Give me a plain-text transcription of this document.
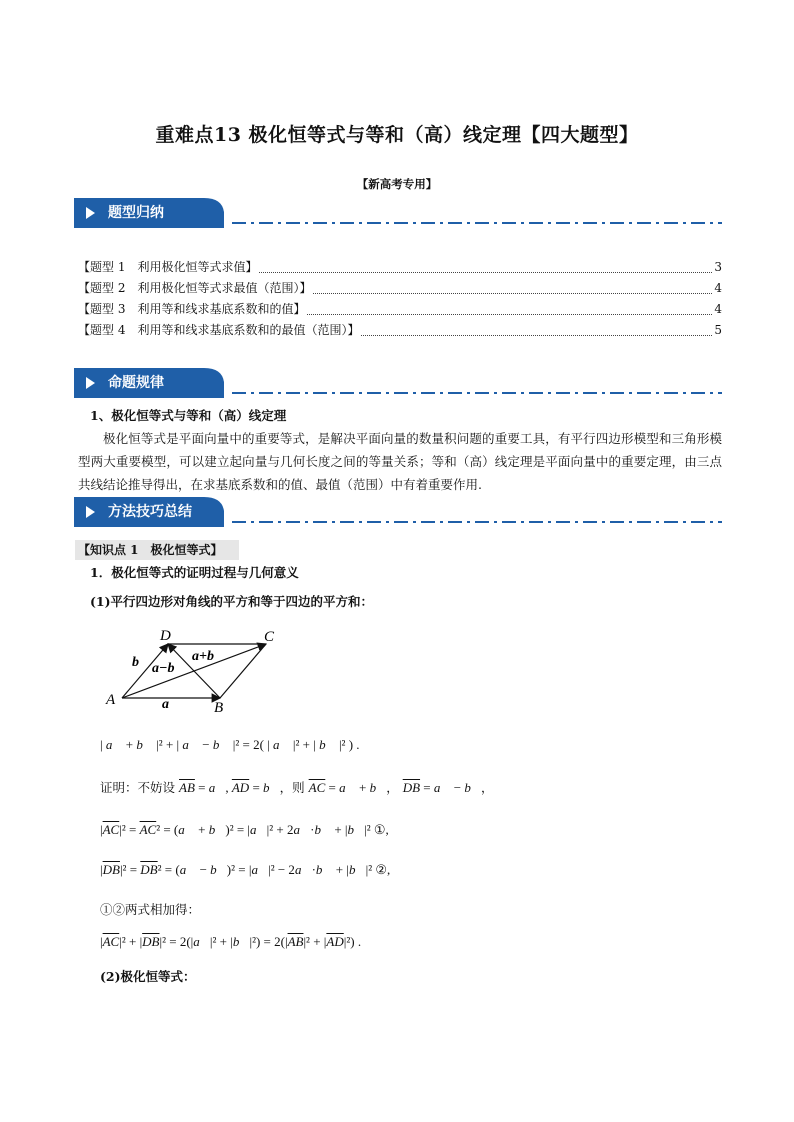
重难点13 极化恒等式与等和（高）线定理【四大题型】
【新高考专用】
题型归纳
【题型 1　利用极化恒等式求值】	3
【题型 2　利用极化恒等式求最值（范围）】	4
【题型 3　利用等和线求基底系数和的值】	4
【题型 4　利用等和线求基底系数和的最值（范围）】	5
命题规律
1、极化恒等式与等和（高）线定理
极化恒等式是平面向量中的重要等式，是解决平面向量的数量积问题的重要工具，有平行四边形模型和三角形模型两大重要模型，可以建立起向量与几何长度之间的等量关系；等和（高）线定理是平面向量中的重要定理，由三点共线结论推导得出，在求基底系数和的值、最值（范围）中有着重要作用.
方法技巧总结
【知识点 1　极化恒等式】
1．极化恒等式的证明过程与几何意义
(1)平行四边形对角线的平方和等于四边的平方和：
D	C
A	B
b
a
a+b
a−b
| a⃗ + b⃗ |² + | a⃗ − b⃗ |² = 2( | a⃗ |² + | b⃗ |² ) .
证明：不妨设 $\overline{AB}$ = a⃗, $\overline{AD}$ = b⃗，则 $\overline{AC}$ = a⃗ + b⃗， $\overline{DB}$ = a⃗ − b⃗，
$|\overline{AC}|^2 = \overline{AC}^2$ = (a⃗ + b⃗)² = |a⃗|² + 2a⃗·b⃗ + |b⃗|² ①,
$|\overline{DB}|^2 = \overline{DB}^2$ = (a⃗ − b⃗)² = |a⃗|² − 2a⃗·b⃗ + |b⃗|² ②,
①②两式相加得：
$|\overline{AC}|^2 + |\overline{DB}|^2$ = 2(|a⃗|² + |b⃗|²) = $2(|\overline{AB}|^2 + |\overline{AD}|^2)$ .
(2)极化恒等式：
